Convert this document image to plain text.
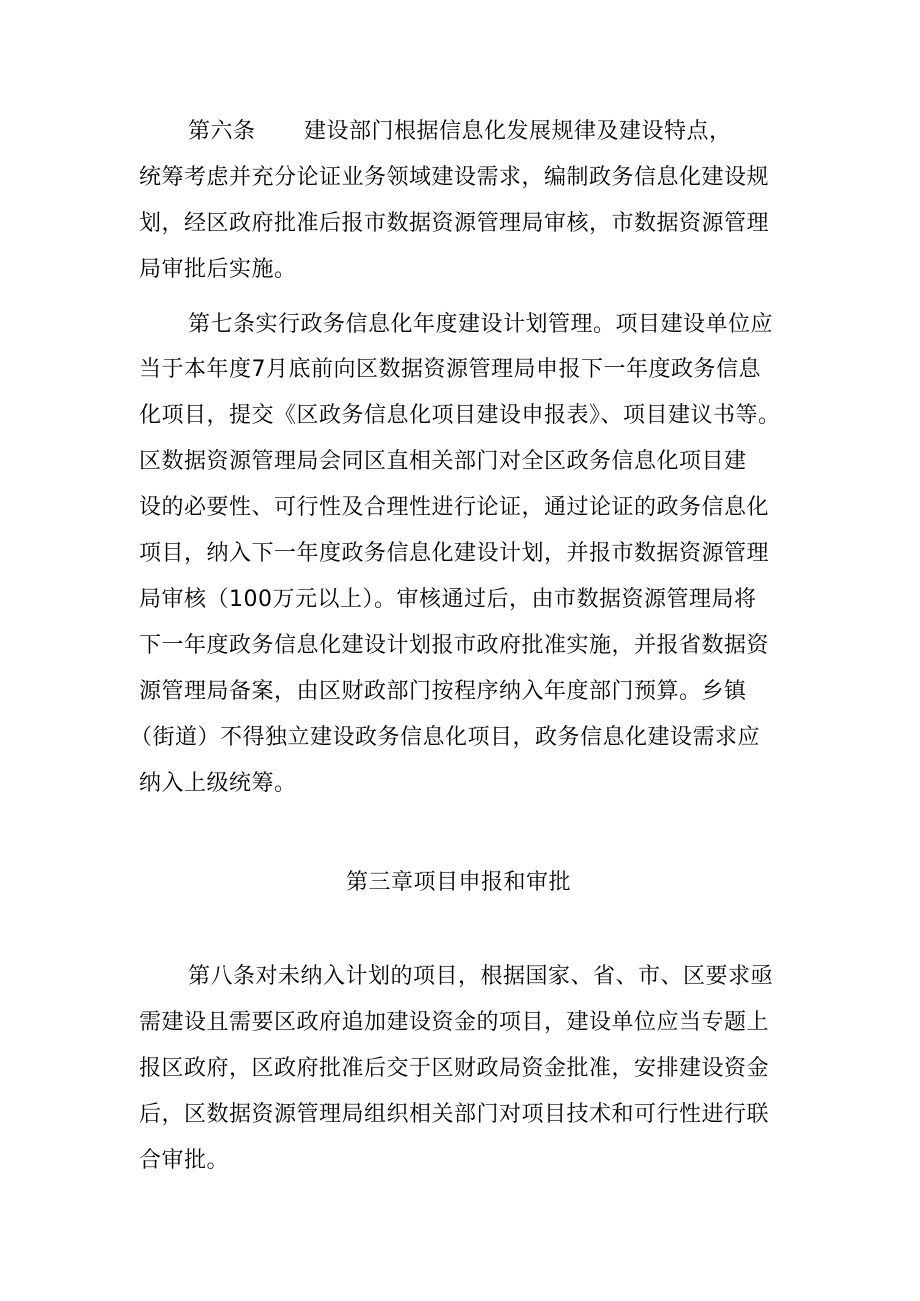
第六条 建设部门根据信息化发展规律及建设特点，
统筹考虑并充分论证业务领域建设需求，编制政务信息化建设规
划，经区政府批准后报市数据资源管理局审核，市数据资源管理
局审批后实施。
第七条实行政务信息化年度建设计划管理。项目建设单位应
当于本年度7月底前向区数据资源管理局申报下一年度政务信息
化项目，提交《区政务信息化项目建设申报表》、项目建议书等。
区数据资源管理局会同区直相关部门对全区政务信息化项目建
设的必要性、可行性及合理性进行论证，通过论证的政务信息化
项目，纳入下一年度政务信息化建设计划，并报市数据资源管理
局审核（100万元以上）。审核通过后，由市数据资源管理局将
下一年度政务信息化建设计划报市政府批准实施，并报省数据资
源管理局备案，由区财政部门按程序纳入年度部门预算。乡镇
（街道）不得独立建设政务信息化项目，政务信息化建设需求应
纳入上级统筹。
第三章项目申报和审批
第八条对未纳入计划的项目，根据国家、省、市、区要求亟
需建设且需要区政府追加建设资金的项目，建设单位应当专题上
报区政府，区政府批准后交于区财政局资金批准，安排建设资金
后，区数据资源管理局组织相关部门对项目技术和可行性进行联
合审批。
